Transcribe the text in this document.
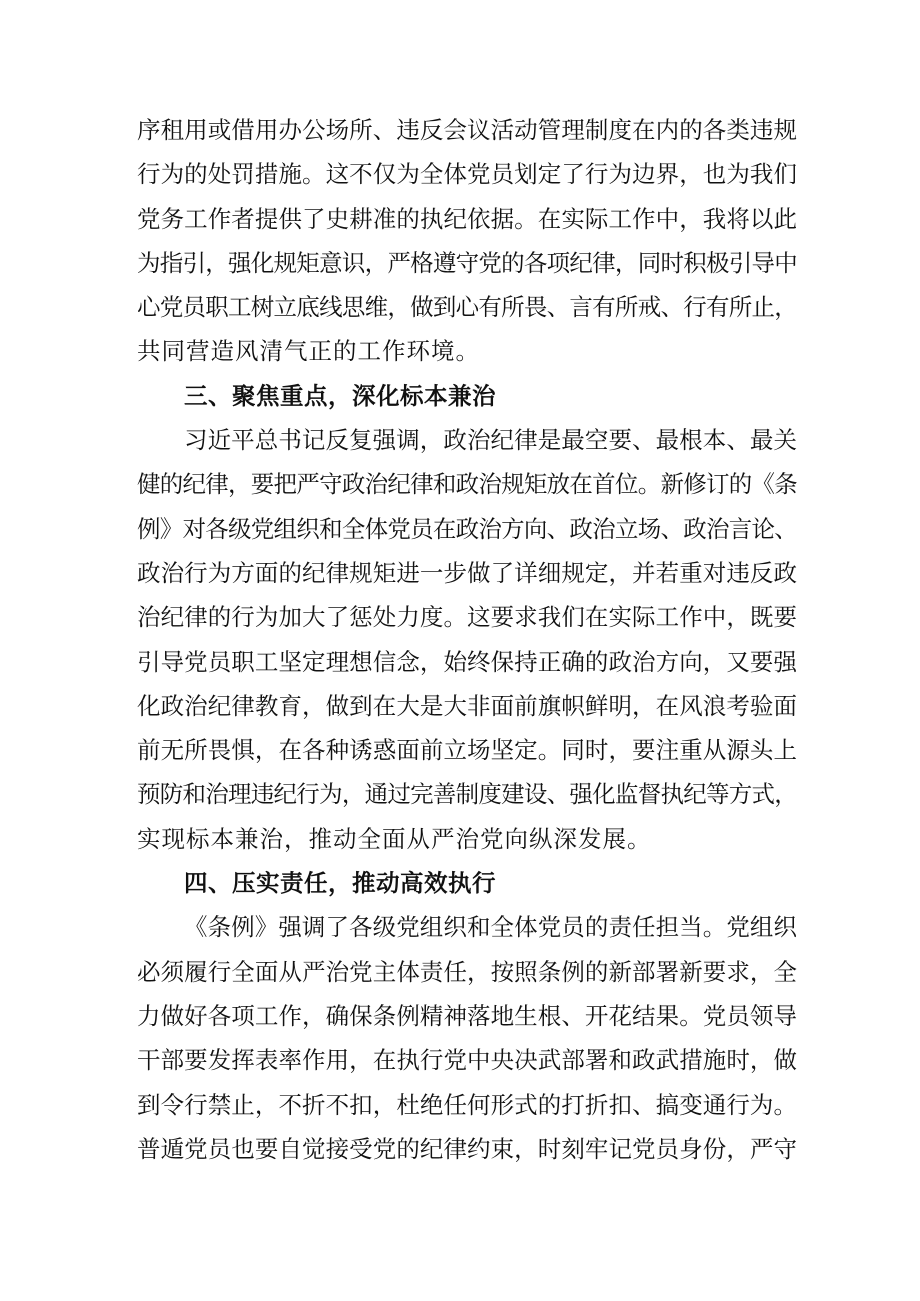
序租用或借用办公场所、违反会议活动管理制度在内的各类违规
行为的处罚措施。这不仅为全体党员划定了行为边界，也为我们
党务工作者提供了史耕准的执纪依据。在实际工作中，我将以此
为指引，强化规矩意识，严格遵守党的各项纪律，同时积极引导中
心党员职工树立底线思维，做到心有所畏、言有所戒、行有所止，
共同营造风清气正的工作环境。

三、聚焦重点，深化标本兼治

习近平总书记反复强调，政治纪律是最空要、最根本、最关
健的纪律，要把严守政治纪律和政治规矩放在首位。新修订的《条
例》对各级党组织和全体党员在政治方向、政治立场、政治言论、
政治行为方面的纪律规矩进一步做了详细规定，并若重对违反政
治纪律的行为加大了惩处力度。这要求我们在实际工作中，既要
引导党员职工坚定理想信念，始终保持正确的政治方向，又要强
化政治纪律教育，做到在大是大非面前旗帜鲜明，在风浪考验面
前无所畏惧，在各种诱惑面前立场坚定。同时，要注重从源头上
预防和治理违纪行为，通过完善制度建设、强化监督执纪等方式，
实现标本兼治，推动全面从严治党向纵深发展。

四、压实责任，推动高效执行

《条例》强调了各级党组织和全体党员的责任担当。党组织
必须履行全面从严治党主体责任，按照条例的新部署新要求，全
力做好各项工作，确保条例精神落地生根、开花结果。党员领导
干部要发挥表率作用，在执行党中央决武部署和政武措施时，做
到令行禁止，不折不扣，杜绝任何形式的打折扣、搞变通行为。
普遁党员也要自觉接受党的纪律约束，时刻牢记党员身份，严守
